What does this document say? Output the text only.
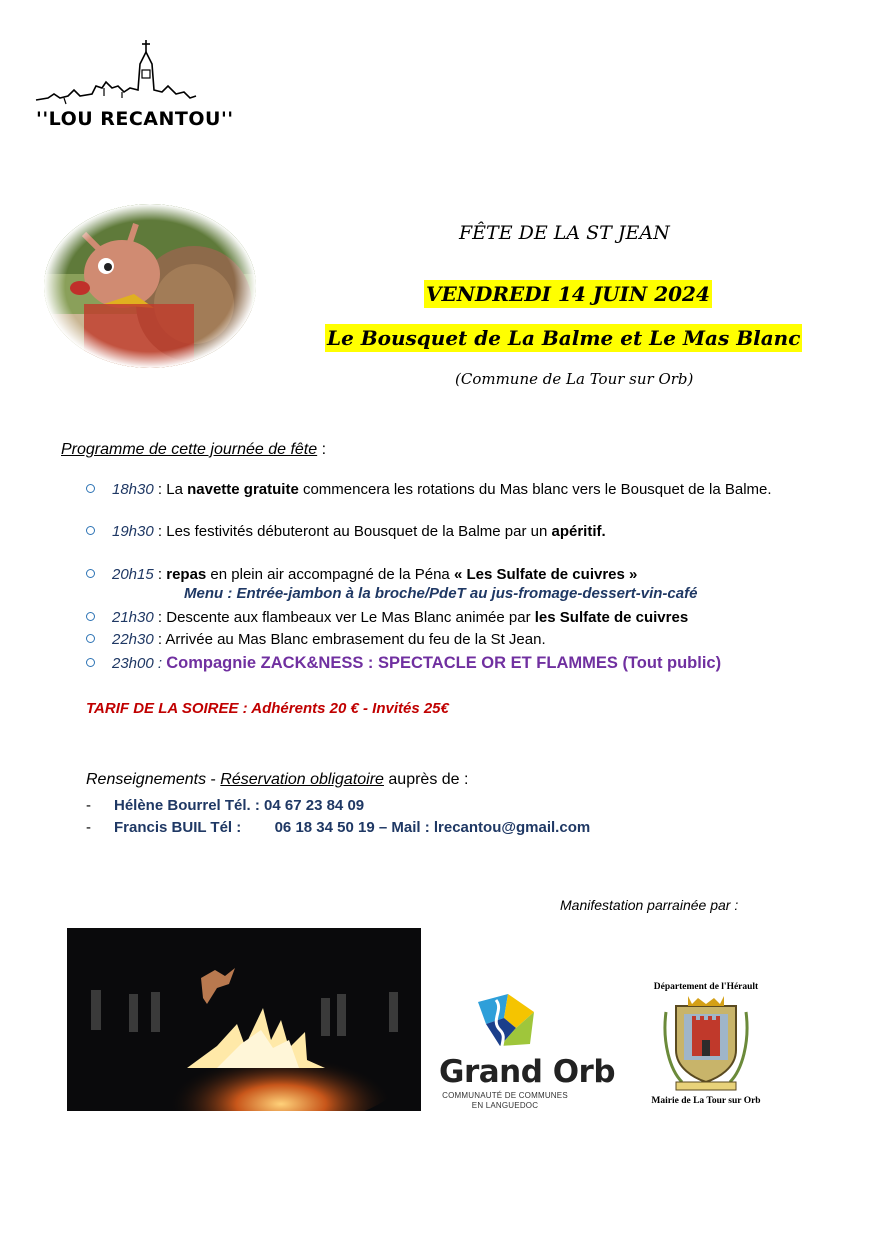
''LOU RECANTOU''
FÊTE DE LA ST JEAN
VENDREDI 14 JUIN 2024
Le Bousquet de La Balme et Le Mas Blanc
(Commune de La Tour sur Orb)
Programme de cette journée de fête :
18h30 : La navette gratuite commencera les rotations du Mas blanc vers le Bousquet de la Balme.
19h30 : Les festivités débuteront au Bousquet de la Balme par un apéritif.
20h15 : repas en plein air accompagné de la Péna « Les Sulfate de cuivres »
Menu : Entrée-jambon à la broche/PdeT au jus-fromage-dessert-vin-café
21h30 : Descente aux flambeaux ver Le Mas Blanc animée par les Sulfate de cuivres
22h30 : Arrivée au Mas Blanc embrasement du feu de la St Jean.
23h00 : Compagnie ZACK&NESS : SPECTACLE OR ET FLAMMES (Tout public)
TARIF DE LA SOIREE : Adhérents 20 € - Invités 25€
Renseignements - Réservation obligatoire auprès de :
- Hélène Bourrel Tél. : 04 67 23 84 09
- Francis BUIL Tél :        06 18 34 50 19 – Mail : lrecantou@gmail.com
Manifestation parrainée par :
Grand Orb
COMMUNAUTÉ DE COMMUNES EN LANGUEDOC
Département de l'Hérault
Mairie de La Tour sur Orb
